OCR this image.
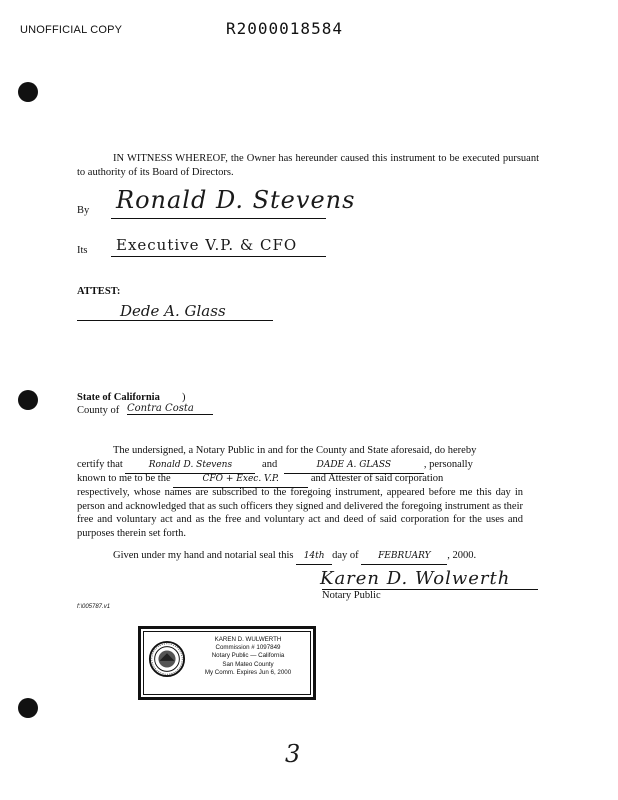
UNOFFICIAL COPY	R2000018584
IN WITNESS WHEREOF, the Owner has hereunder caused this instrument to be executed pursuant to authority of its Board of Directors.
By Ronald D. Stevens
Its Executive V.P. & CFO
ATTEST:
Dede A. Glass
State of California )
County of Contra Costa
The undersigned, a Notary Public in and for the County and State aforesaid, do hereby
certify that	Ronald D. Stevens	and	DADE A. GLASS	, personally
known to me to be the	CFO + Exec. V.P.	and Attester of said corporation
respectively, whose names are subscribed to the foregoing instrument, appeared before me this day in person and acknowledged that as such officers they signed and delivered the foregoing instrument as their free and voluntary act and as the free and voluntary act and deed of said corporation for the uses and purposes therein set forth.
Given under my hand and notarial seal this 14th day of FEBRUARY , 2000.
Karen D. Wolwerth
Notary Public
f:\005787.v1
KAREN D. WULWERTH
Commission # 1097849
Notary Public — California
San Mateo County
My Comm. Expires Jun 6, 2000
3
